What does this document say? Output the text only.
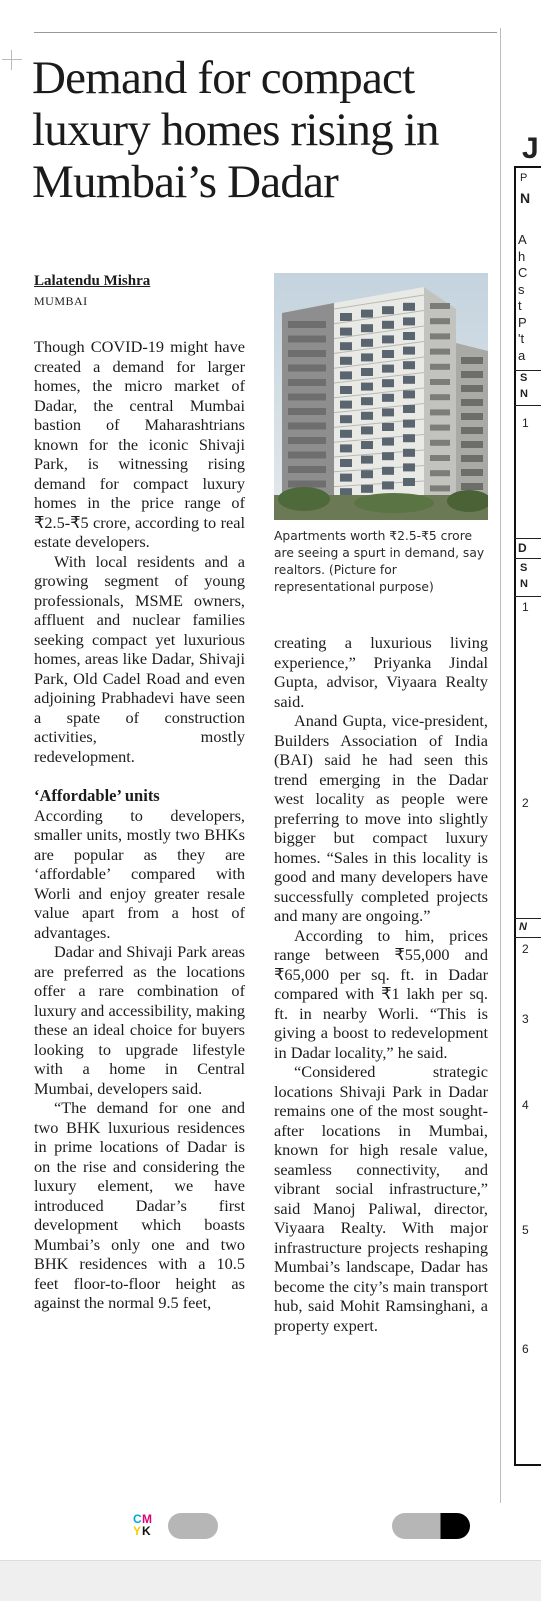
Demand for compact luxury homes rising in Mumbai’s Dadar
Lalatendu Mishra
MUMBAI

Though COVID-19 might have created a demand for larger homes, the micro market of Dadar, the central Mumbai bastion of Maharashtrians known for the iconic Shivaji Park, is witnessing rising demand for compact luxury homes in the price range of ₹2.5-₹5 crore, according to real estate developers.

With local residents and a growing segment of young professionals, MSME owners, affluent and nuclear families seeking compact yet luxurious homes, areas like Dadar, Shivaji Park, Old Cadel Road and even adjoining Prabhadevi have seen a spate of construction activities, mostly redevelopment.

‘Affordable’ units

According to developers, smaller units, mostly two BHKs are popular as they are ‘affordable’ compared with Worli and enjoy greater resale value apart from a host of advantages.

Dadar and Shivaji Park areas are preferred as the locations offer a rare combination of luxury and accessibility, making these an ideal choice for buyers looking to upgrade lifestyle with a home in Central Mumbai, developers said.

“The demand for one and two BHK luxurious residences in prime locations of Dadar is on the rise and considering the luxury element, we have introduced Dadar’s first development which boasts Mumbai’s only one and two BHK residences with a 10.5 feet floor-to-floor height as against the normal 9.5 feet,

Apartments worth ₹2.5-₹5 crore are seeing a spurt in demand, say realtors. (Picture for representational purpose)

creating a luxurious living experience,” Priyanka Jindal Gupta, advisor, Viyaara Realty said.

Anand Gupta, vice-president, Builders Association of India (BAI) said he had seen this trend emerging in the Dadar west locality as people were preferring to move into slightly bigger but compact luxury homes. “Sales in this locality is good and many developers have successfully completed projects and many are ongoing.”

According to him, prices range between ₹55,000 and ₹65,000 per sq. ft. in Dadar compared with ₹1 lakh per sq. ft. in nearby Worli. “This is giving a boost to redevelopment in Dadar locality,” he said.

“Considered strategic locations Shivaji Park in Dadar remains one of the most sought-after locations in Mumbai, known for high resale value, seamless connectivity, and vibrant social infrastructure,” said Manoj Paliwal, director, Viyaara Realty. With major infrastructure projects reshaping Mumbai’s landscape, Dadar has become the city’s main transport hub, said Mohit Ramsinghani, a property expert.

J
P
N
A
h
C
s
t
P
't
a
S
N
1
D
S
N
1
2
N
2
3
4
5
6
CM
YK
